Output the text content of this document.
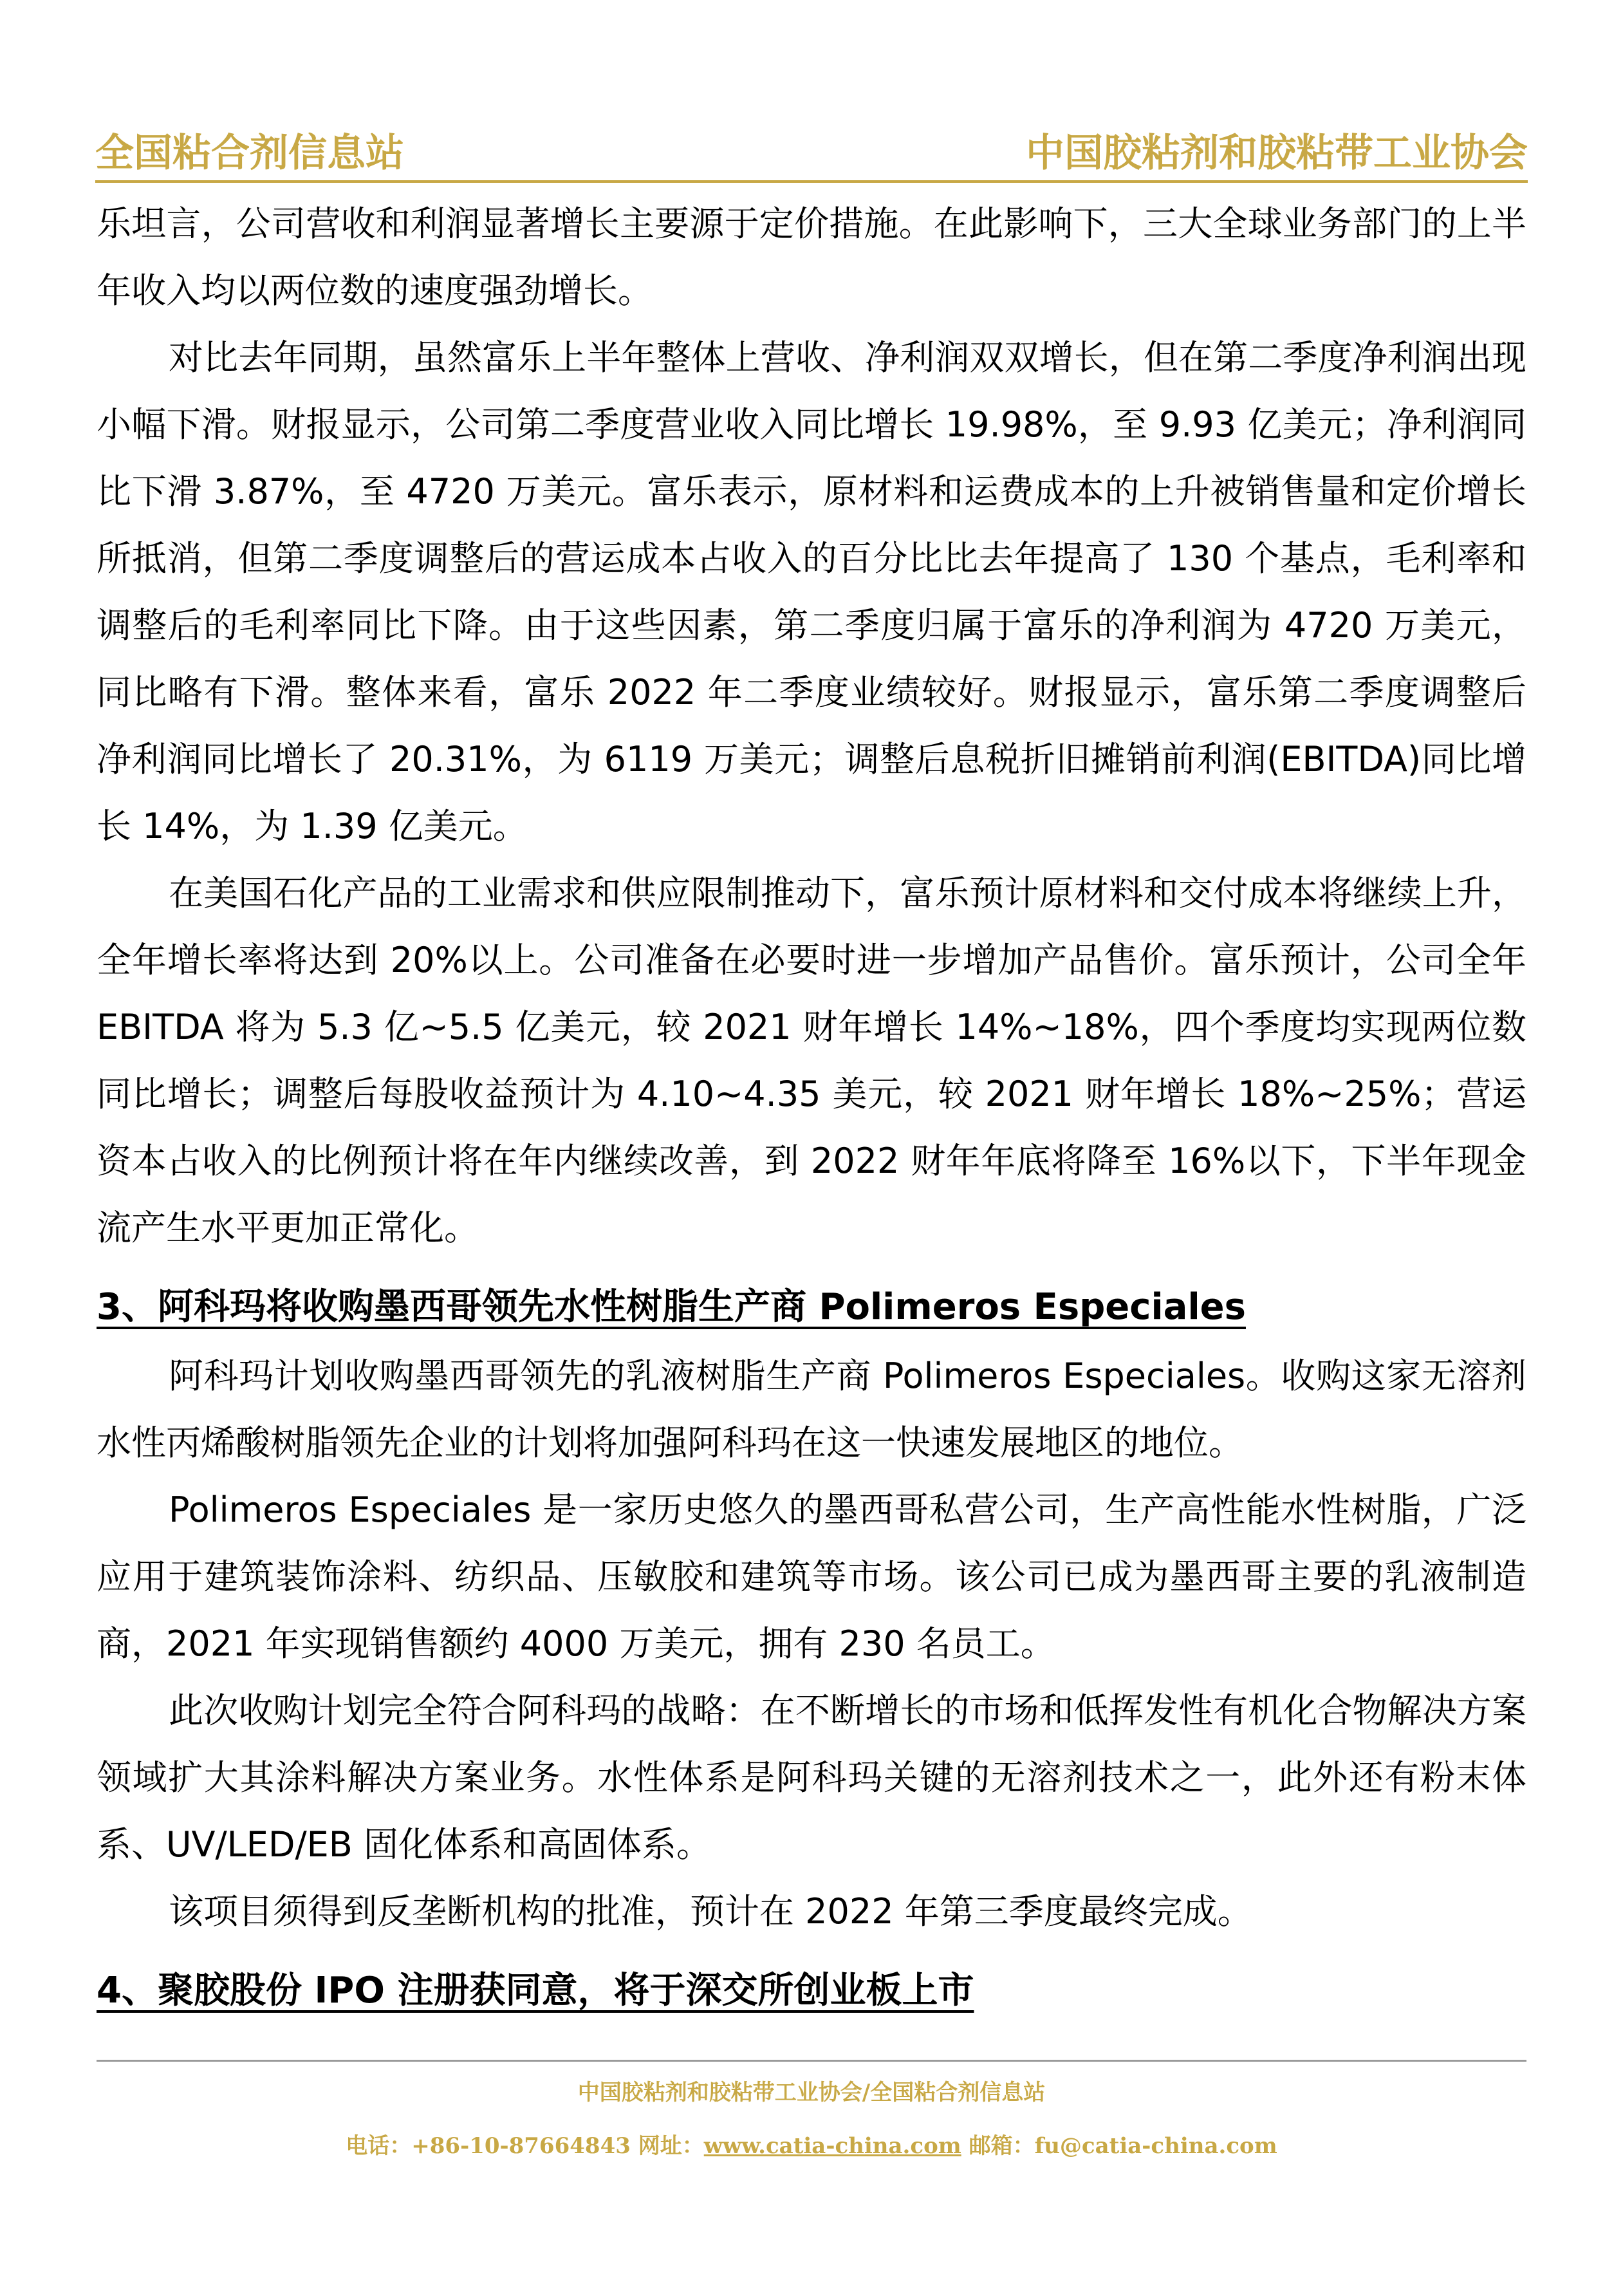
全国粘合剂信息站	中国胶粘剂和胶粘带工业协会

乐坦言，公司营收和利润显著增长主要源于定价措施。在此影响下，三大全球业务部门的上半年收入均以两位数的速度强劲增长。

对比去年同期，虽然富乐上半年整体上营收、净利润双双增长，但在第二季度净利润出现小幅下滑。财报显示，公司第二季度营业收入同比增长 19.98%，至 9.93 亿美元；净利润同比下滑 3.87%，至 4720 万美元。富乐表示，原材料和运费成本的上升被销售量和定价增长所抵消，但第二季度调整后的营运成本占收入的百分比比去年提高了 130 个基点，毛利率和调整后的毛利率同比下降。由于这些因素，第二季度归属于富乐的净利润为 4720 万美元，同比略有下滑。整体来看，富乐 2022 年二季度业绩较好。财报显示，富乐第二季度调整后净利润同比增长了 20.31%，为 6119 万美元；调整后息税折旧摊销前利润(EBITDA)同比增长 14%，为 1.39 亿美元。

在美国石化产品的工业需求和供应限制推动下，富乐预计原材料和交付成本将继续上升，全年增长率将达到 20%以上。公司准备在必要时进一步增加产品售价。富乐预计，公司全年 EBITDA 将为 5.3 亿~5.5 亿美元，较 2021 财年增长 14%~18%，四个季度均实现两位数同比增长；调整后每股收益预计为 4.10~4.35 美元，较 2021 财年增长 18%~25%；营运资本占收入的比例预计将在年内继续改善，到 2022 财年年底将降至 16%以下，下半年现金流产生水平更加正常化。

3、阿科玛将收购墨西哥领先水性树脂生产商 Polimeros Especiales

阿科玛计划收购墨西哥领先的乳液树脂生产商 Polimeros Especiales。收购这家无溶剂水性丙烯酸树脂领先企业的计划将加强阿科玛在这一快速发展地区的地位。

Polimeros Especiales 是一家历史悠久的墨西哥私营公司，生产高性能水性树脂，广泛应用于建筑装饰涂料、纺织品、压敏胶和建筑等市场。该公司已成为墨西哥主要的乳液制造商，2021 年实现销售额约 4000 万美元，拥有 230 名员工。

此次收购计划完全符合阿科玛的战略：在不断增长的市场和低挥发性有机化合物解决方案领域扩大其涂料解决方案业务。水性体系是阿科玛关键的无溶剂技术之一，此外还有粉末体系、UV/LED/EB 固化体系和高固体系。

该项目须得到反垄断机构的批准，预计在 2022 年第三季度最终完成。

4、聚胶股份 IPO 注册获同意，将于深交所创业板上市
中国胶粘剂和胶粘带工业协会/全国粘合剂信息站
电话：+86-10-87664843 网址：www.catia-china.com 邮箱：fu@catia-china.com
